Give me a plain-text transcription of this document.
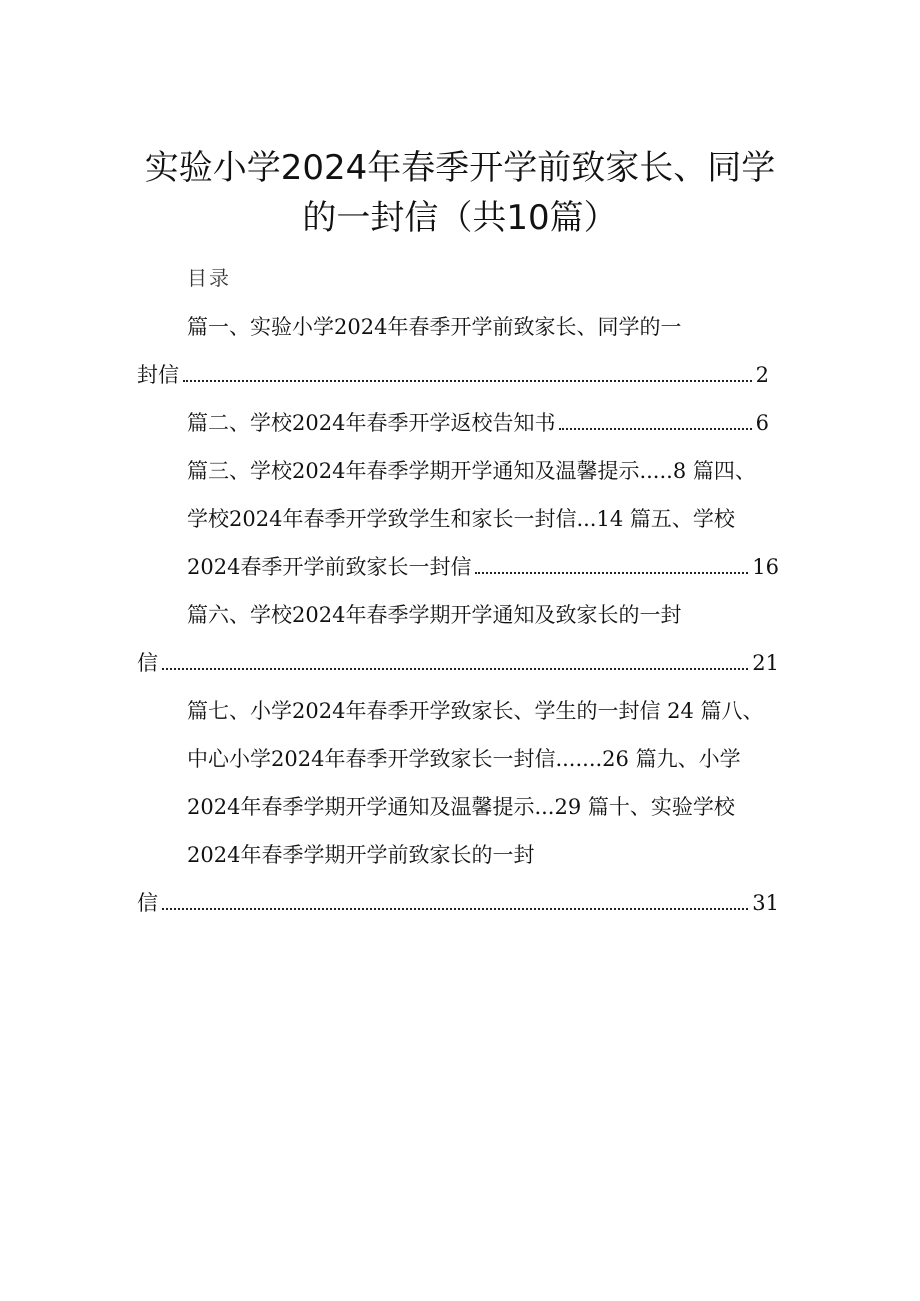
实验小学2024年春季开学前致家长、同学
的一封信（共10篇）
目录
篇一、实验小学2024年春季开学前致家长、同学的一
封信	2
篇二、学校2024年春季开学返校告知书	6
篇三、学校2024年春季学期开学通知及温馨提示.....8 篇四、
学校2024年春季开学致学生和家长一封信...14 篇五、学校
2024春季开学前致家长一封信	16
篇六、学校2024年春季学期开学通知及致家长的一封
信	21
篇七、小学2024年春季开学致家长、学生的一封信 24 篇八、
中心小学2024年春季开学致家长一封信.......26 篇九、小学
2024年春季学期开学通知及温馨提示...29 篇十、实验学校
2024年春季学期开学前致家长的一封
信	31
